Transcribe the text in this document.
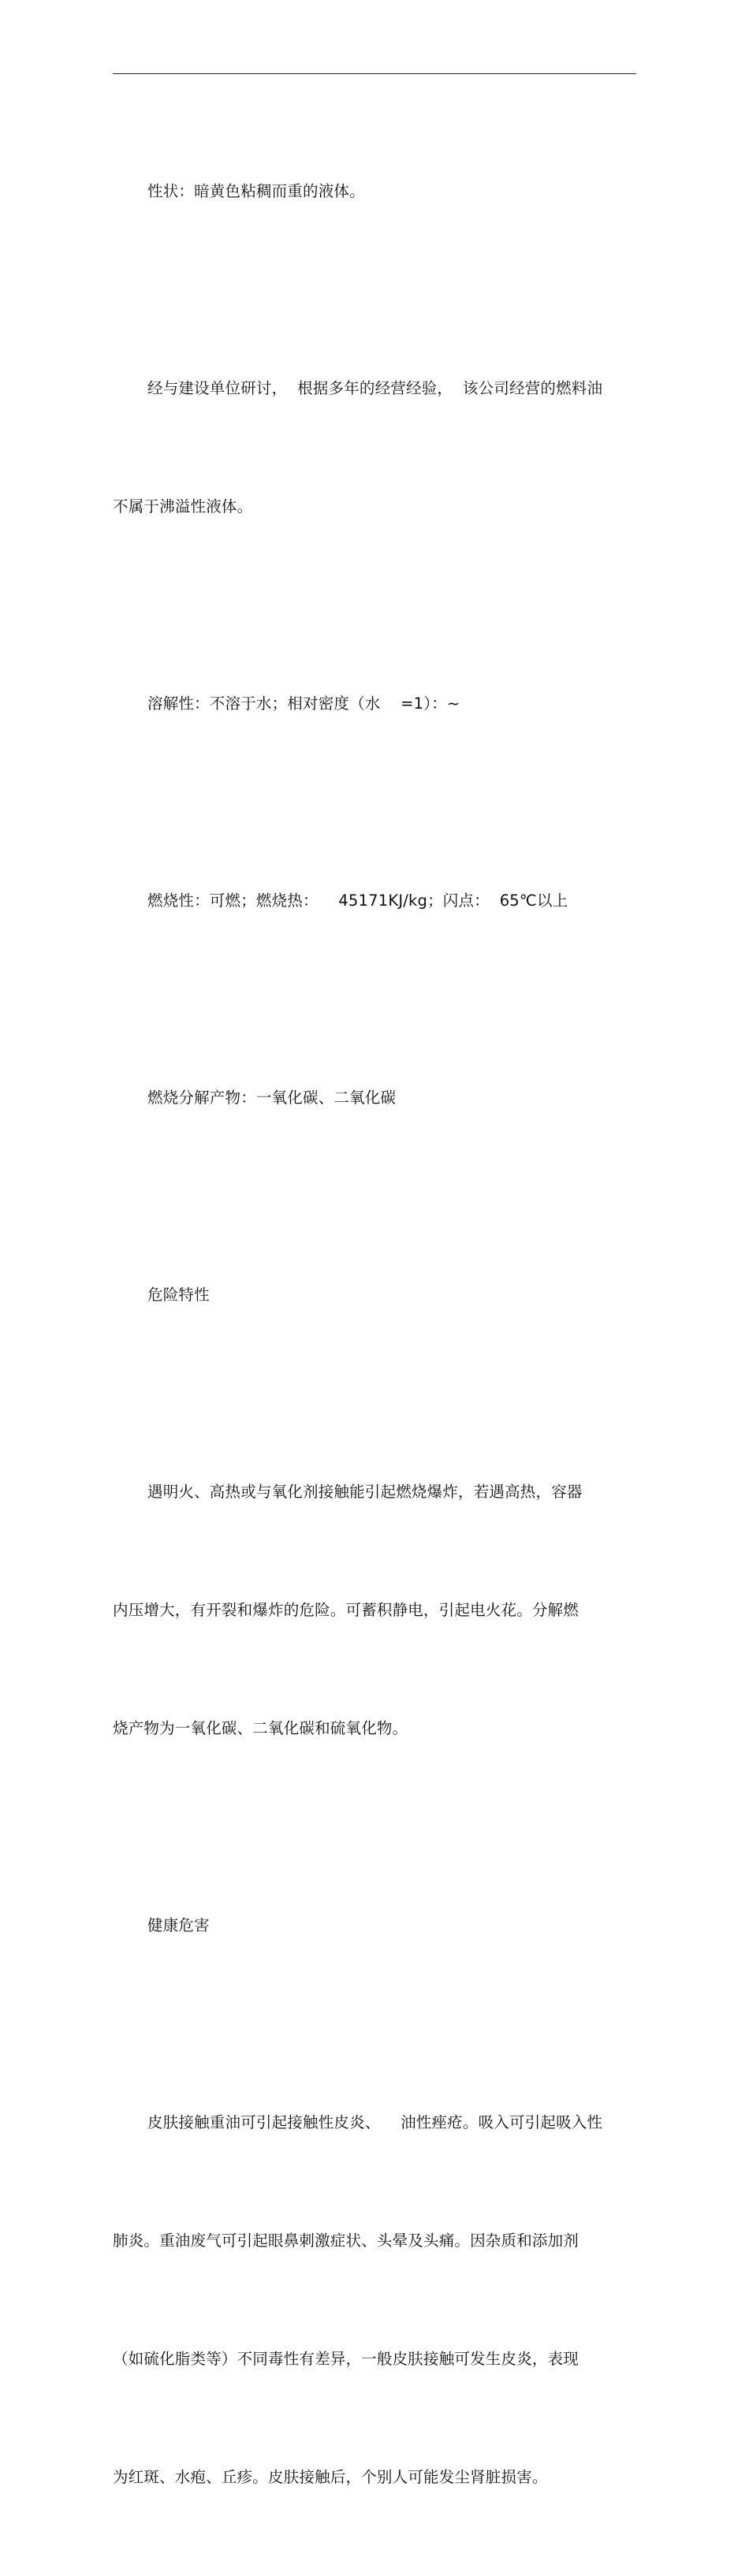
性状：暗黄色粘稠而重的液体。

经与建设单位研讨，  根据多年的经营经验，  该公司经营的燃料油

不属于沸溢性液体。

溶解性：不溶于水；相对密度（水    =1）：~

燃烧性：可燃；燃烧热：    45171KJ/kg；闪点：  65℃以上

燃烧分解产物：一氧化碳、二氧化碳

危险特性

遇明火、高热或与氧化剂接触能引起燃烧爆炸，若遇高热，容器

内压增大，有开裂和爆炸的危险。可蓄积静电，引起电火花。分解燃

烧产物为一氧化碳、二氧化碳和硫氧化物。

健康危害

皮肤接触重油可引起接触性皮炎、    油性痤疮。吸入可引起吸入性

肺炎。重油废气可引起眼鼻刺激症状、头晕及头痛。因杂质和添加剂

（如硫化脂类等）不同毒性有差异，一般皮肤接触可发生皮炎，表现

为红斑、水疱、丘疹。皮肤接触后，个别人可能发尘肾脏损害。
